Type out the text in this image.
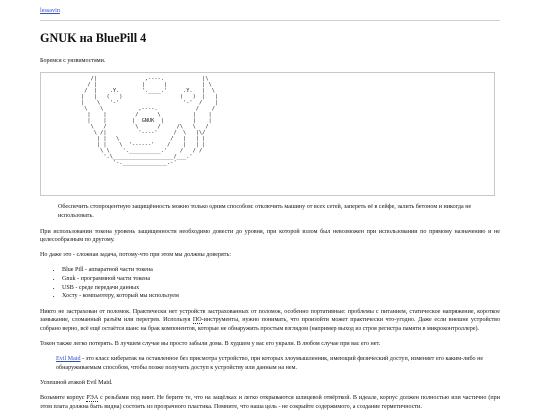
lessavin
GNUK на BluePill 4

Боремся с уязвимостями.

/|               ,----.            |\
/ |              |      |           | \
/  |    .Y.       '.____.'     .Y.   |  \
|   |   (   )                  (   )  |   |
|    \   '-'                    '-'  /    |
\    \           ,----.            /    /
|    |         /      \          |    |
|    |        |  GNUK  |         |    |
\   /         \      /     /\   \   /
\ /|          '----'     /  \   |\/
| |   \                /   |   | |
| |    \  '------'    /    |   | |
\ \    '.__________.'    /   / /
'.\___________________/___.'
'-.______________.-'
Обеспечить стопроцентную защищённость можно только одним способом: отключить машину от всех сетей, запереть её в сейфе, залить бетоном и никогда не использовать.

При использовании токена уровень защищенности необходимо довести до уровня, при которой взлом был невозможен при использовании по прямому назначению и не целесообразным по другому.

Но даже это - сложная задача, потому-что при этом мы должны доверять:

• Blue Pill - аппаратной части токена
• Gnuk - программной части токена
• USB - среде передачи данных
• Хосту - компьютеру, который мы используем

Никто не застрахован от поломок. Практически нет устройств застрахованных от поломок, особенно портативные: проблемы с питанием, статическое напряжение, короткое замыкание, сломанный разъём или перегрев. Используя ПО-инструменты, нужно понимать, что произойти может практически что-угодно. Даже если внешне устройство собрано верно, всё ещё остаётся шанс на брак компонентов, которые не обнаружить простым взглядом (например выход из строя регистра памяти в микроконтроллере).

Токен также легко потерять. В лучшем случае вы просто забыли дома. В худшем у вас его украли. В любом случае при вас его нет.

Evil Maid - это класс кибератак на оставленное без присмотра устройство, при которых злоумышленник, имеющий физический доступ, изменяет его каким-либо не обнаруживаемым способом, чтобы позже получить доступ к устройству или данным на нем.

Успешной атакой Evil Maid.

Возьмите корпус РЭА с резьбами под винт. Не берите те, что на защёлках и легко открываются шлицевой отвёрткой. В идеале, корпус должен полностью или частично (при этом плата должна быть видна) состоять из прозрачного пластика. Помните, что наша цель - не сокрыйте содержимого, а создание герметичности.
